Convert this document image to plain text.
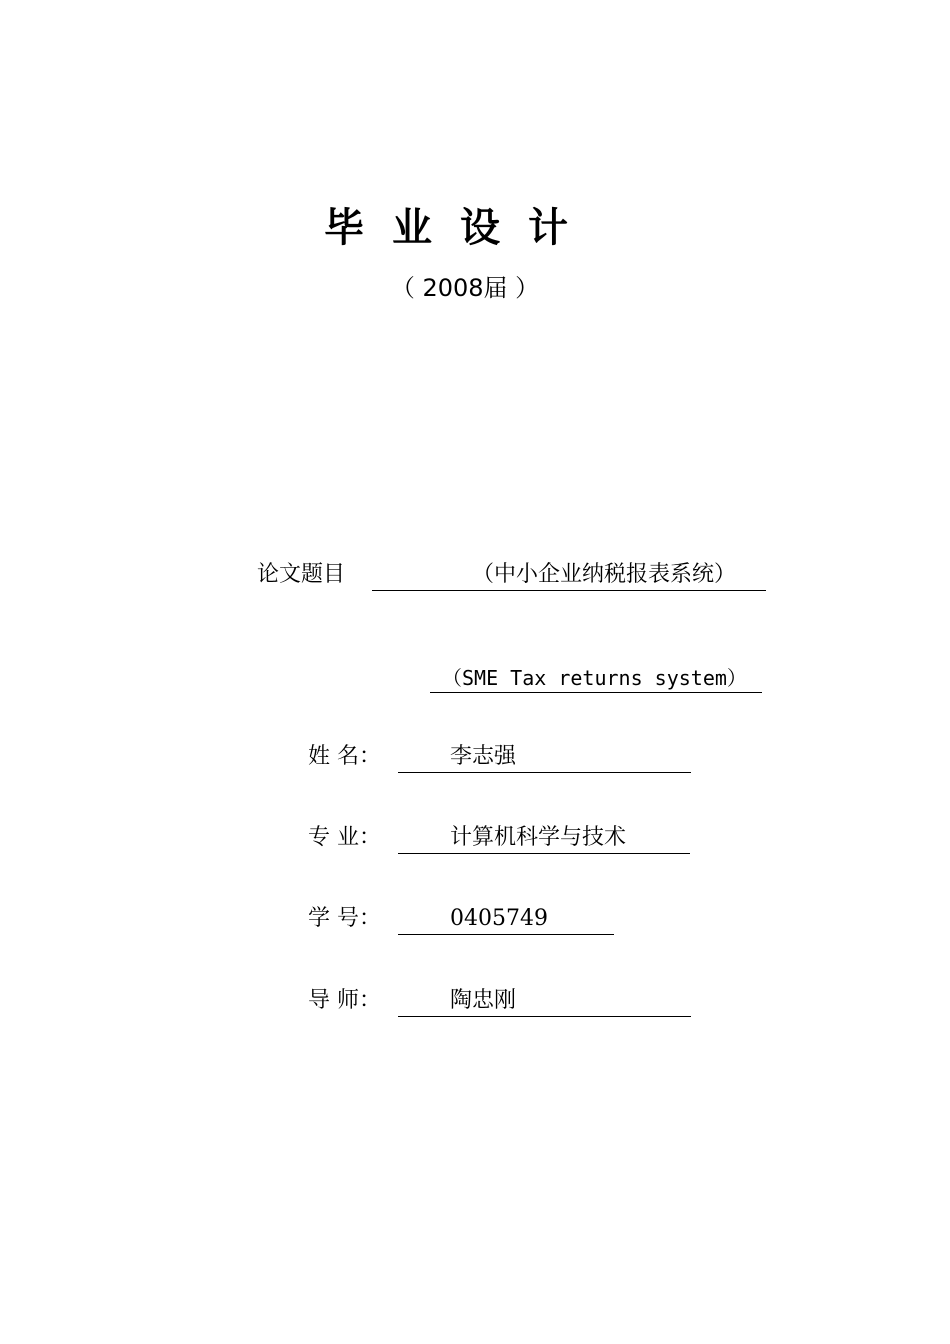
毕业设计
（ 2008届 ）
论文题目	（中小企业纳税报表系统）
（SME Tax returns system）
姓 名：	李志强
专 业：	计算机科学与技术
学 号：	0405749
导 师：	陶忠刚
